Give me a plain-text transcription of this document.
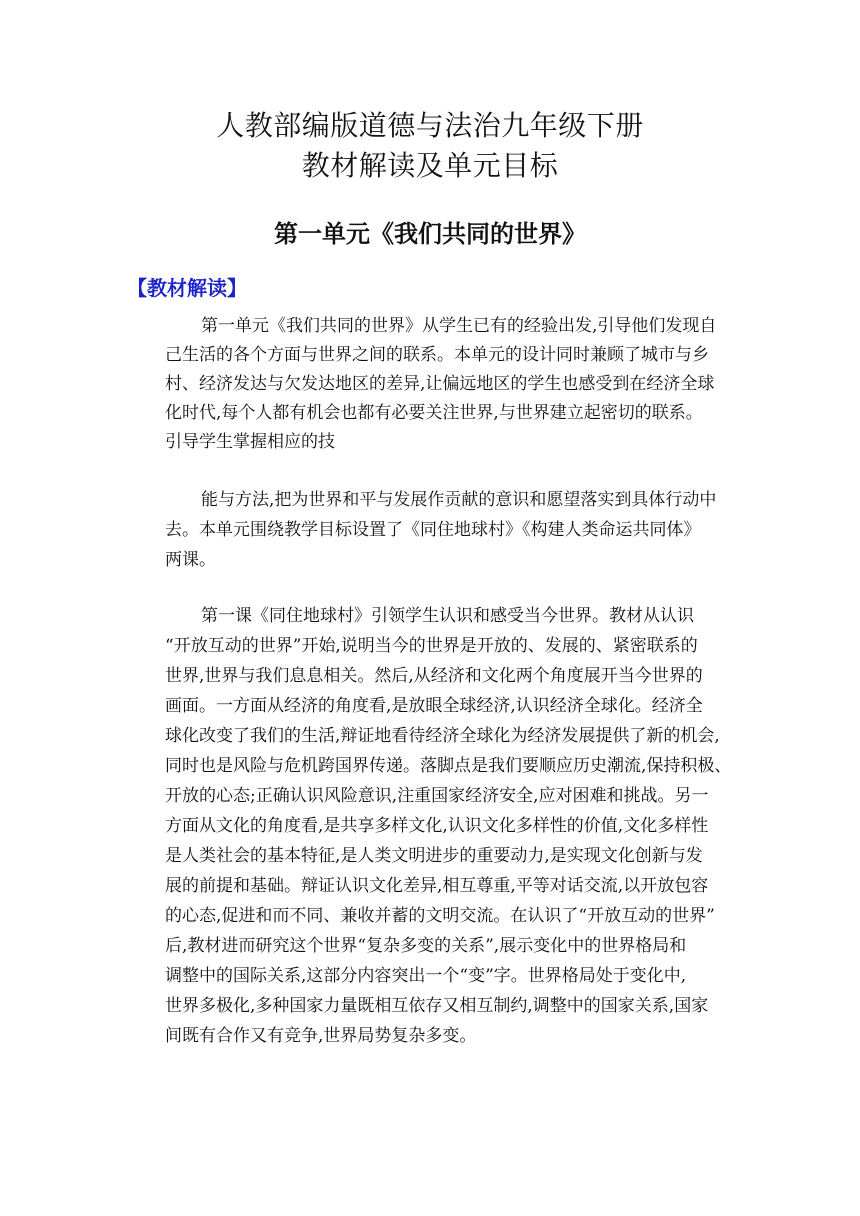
人教部编版道德与法治九年级下册
教材解读及单元目标
第一单元《我们共同的世界》
【教材解读】
第一单元《我们共同的世界》从学生已有的经验出发,引导他们发现自
己生活的各个方面与世界之间的联系。本单元的设计同时兼顾了城市与乡
村、经济发达与欠发达地区的差异,让偏远地区的学生也感受到在经济全球
化时代,每个人都有机会也都有必要关注世界,与世界建立起密切的联系。
引导学生掌握相应的技
能与方法,把为世界和平与发展作贡献的意识和愿望落实到具体行动中
去。本单元围绕教学目标设置了《同住地球村》《构建人类命运共同体》
两课。
第一课《同住地球村》引领学生认识和感受当今世界。教材从认识
“开放互动的世界”开始,说明当今的世界是开放的、发展的、紧密联系的
世界,世界与我们息息相关。然后,从经济和文化两个角度展开当今世界的
画面。一方面从经济的角度看,是放眼全球经济,认识经济全球化。经济全
球化改变了我们的生活,辩证地看待经济全球化为经济发展提供了新的机会,
同时也是风险与危机跨国界传递。落脚点是我们要顺应历史潮流,保持积极、
开放的心态;正确认识风险意识,注重国家经济安全,应对困难和挑战。另一
方面从文化的角度看,是共享多样文化,认识文化多样性的价值,文化多样性
是人类社会的基本特征,是人类文明进步的重要动力,是实现文化创新与发
展的前提和基础。辩证认识文化差异,相互尊重,平等对话交流,以开放包容
的心态,促进和而不同、兼收并蓄的文明交流。在认识了“开放互动的世界”
后,教材进而研究这个世界“复杂多变的关系”,展示变化中的世界格局和
调整中的国际关系,这部分内容突出一个“变”字。世界格局处于变化中,
世界多极化,多种国家力量既相互依存又相互制约,调整中的国家关系,国家
间既有合作又有竞争,世界局势复杂多变。
